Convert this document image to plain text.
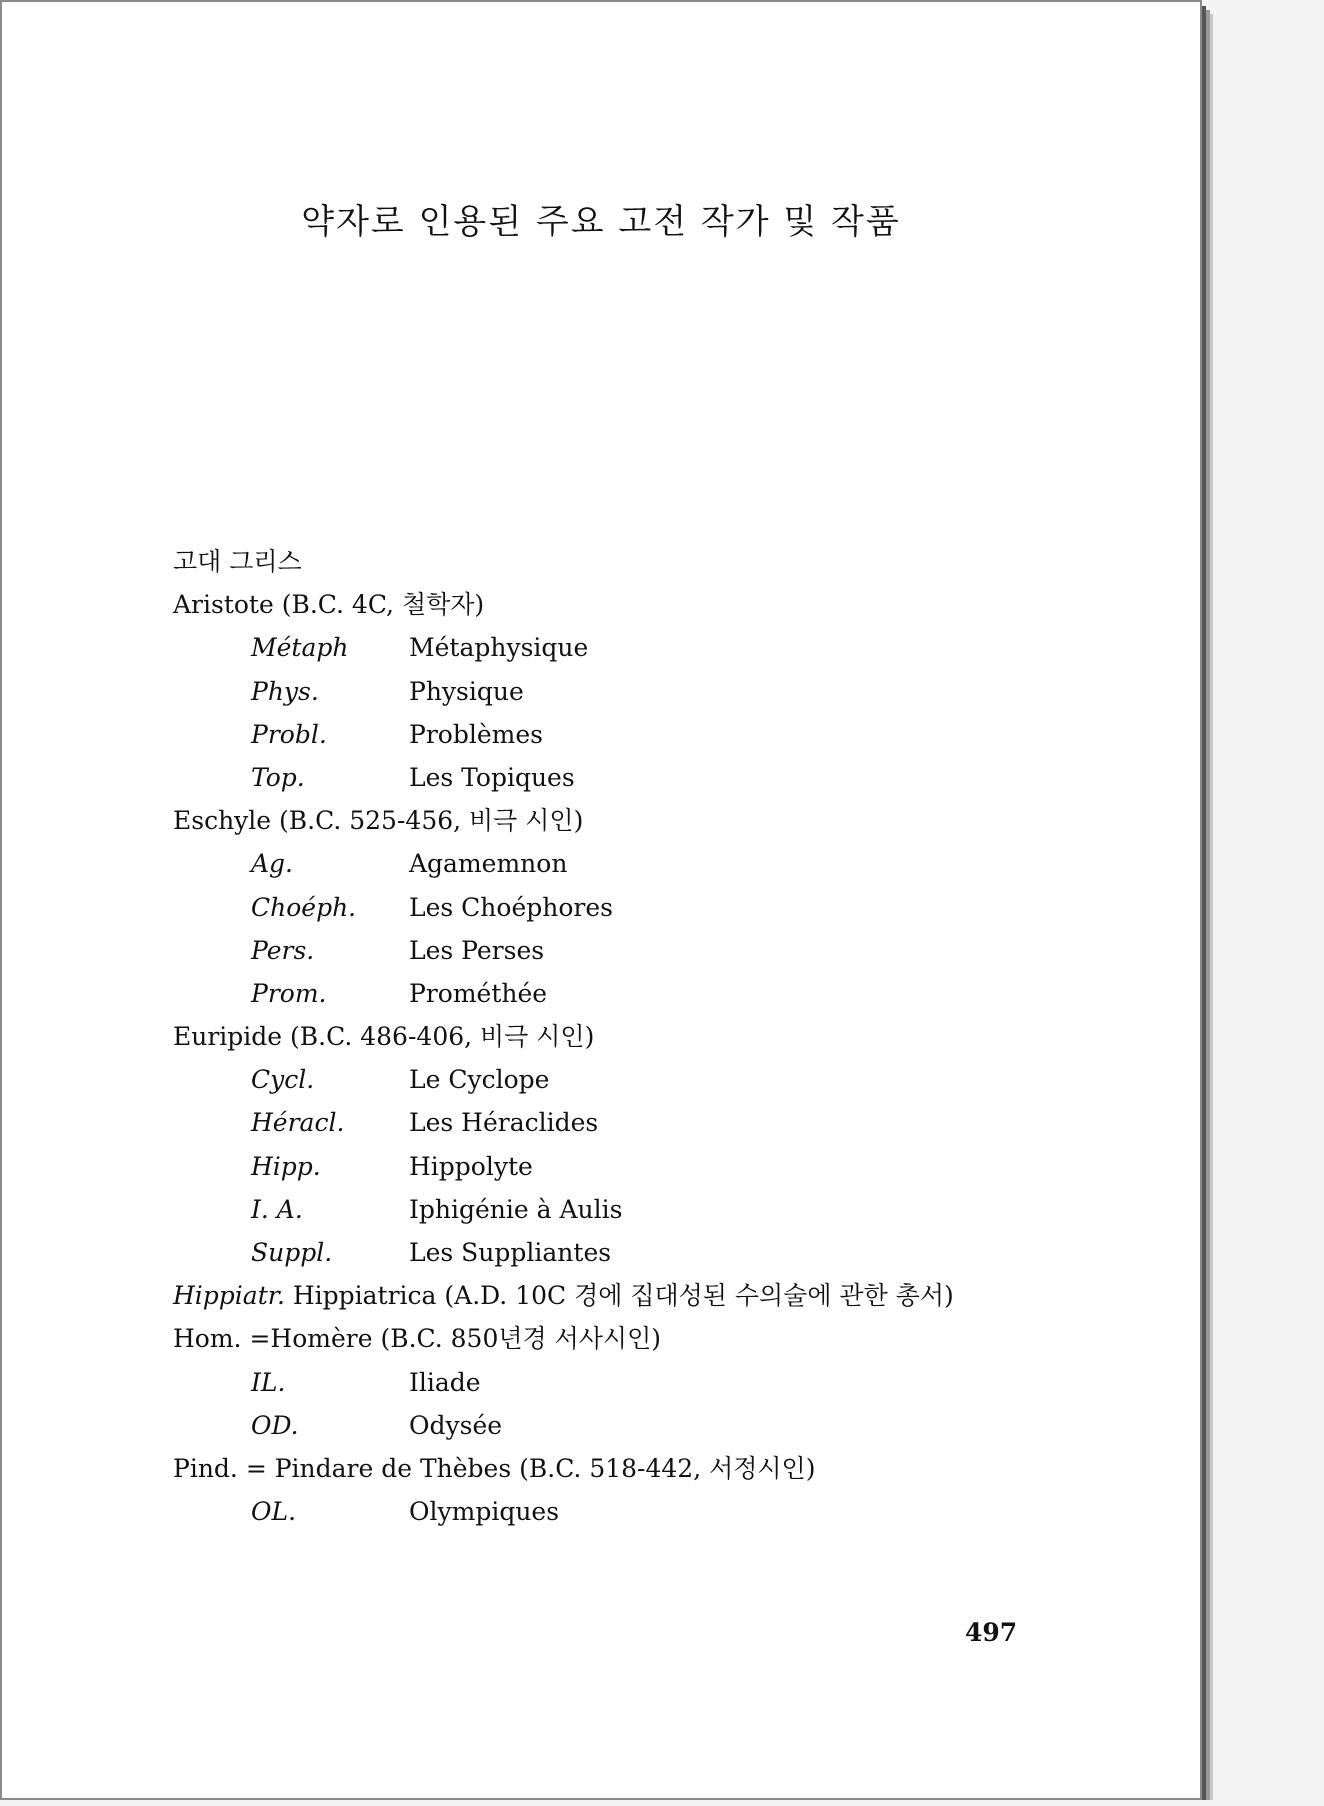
약자로 인용된 주요 고전 작가 및 작품
고대 그리스
Aristote (B.C. 4C, 철학자)
Métaph Métaphysique
Phys.	Physique
Probl.	Problèmes
Top.	Les Topiques
Eschyle (B.C. 525-456, 비극 시인)
Ag.	Agamemnon
Choéph. Les Choéphores
Pers.	Les Perses
Prom.	Prométhée
Euripide (B.C. 486-406, 비극 시인)
Cycl.	Le Cyclope
Héracl.	Les Héraclides
Hipp.	Hippolyte
I. A.	Iphigénie à Aulis
Suppl.	Les Suppliantes
Hippiatr. Hippiatrica (A.D. 10C 경에 집대성된 수의술에 관한 총서)
Hom. =Homère (B.C. 850년경 서사시인)
IL.	Iliade
OD.	Odysée
Pind. = Pindare de Thèbes (B.C. 518-442, 서정시인)
OL.	Olympiques
497
